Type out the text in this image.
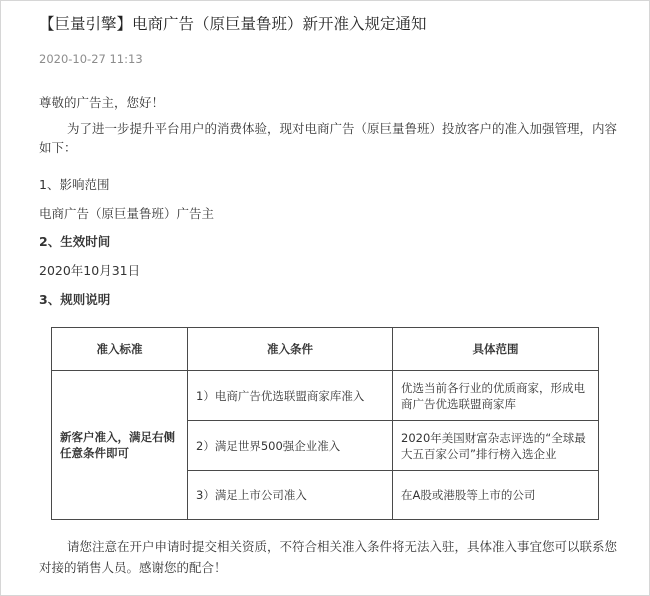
【巨量引擎】电商广告（原巨量鲁班）新开准入规定通知
2020-10-27 11:13
尊敬的广告主，您好！
为了进一步提升平台用户的消费体验，现对电商广告（原巨量鲁班）投放客户的准入加强管理，内容如下：
1、影响范围
电商广告（原巨量鲁班）广告主
2、生效时间
2020年10月31日
3、规则说明
准入标准	准入条件	具体范围
新客户准入，满足右侧任意条件即可	1）电商广告优选联盟商家库准入	优选当前各行业的优质商家，形成电商广告优选联盟商家库
	2）满足世界500强企业准入	2020年美国财富杂志评选的“全球最大五百家公司”排行榜入选企业
	3）满足上市公司准入	在A股或港股等上市的公司
请您注意在开户申请时提交相关资质，不符合相关准入条件将无法入驻，具体准入事宜您可以联系您对接的销售人员。感谢您的配合！
